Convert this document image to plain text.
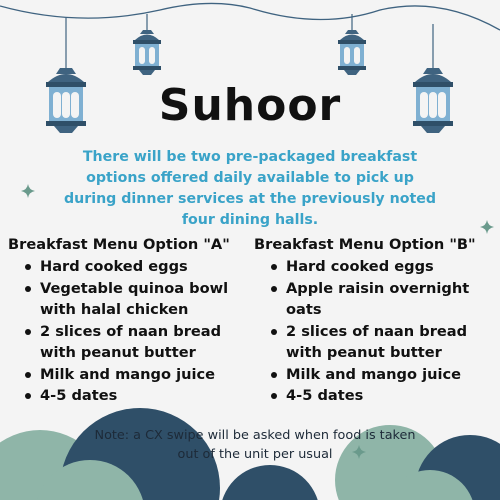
Suhoor
There will be two pre-packaged breakfast options offered daily available to pick up during dinner services at the previously noted four dining halls.
Breakfast Menu Option "A"
Hard cooked eggs
Vegetable quinoa bowl with halal chicken
2 slices of naan bread with peanut butter
Milk and mango juice
4-5 dates
Breakfast Menu Option "B"
Hard cooked eggs
Apple raisin overnight oats
2 slices of naan bread with peanut butter
Milk and mango juice
4-5 dates
Note: a CX swipe will be asked when food is taken out of the unit per usual
